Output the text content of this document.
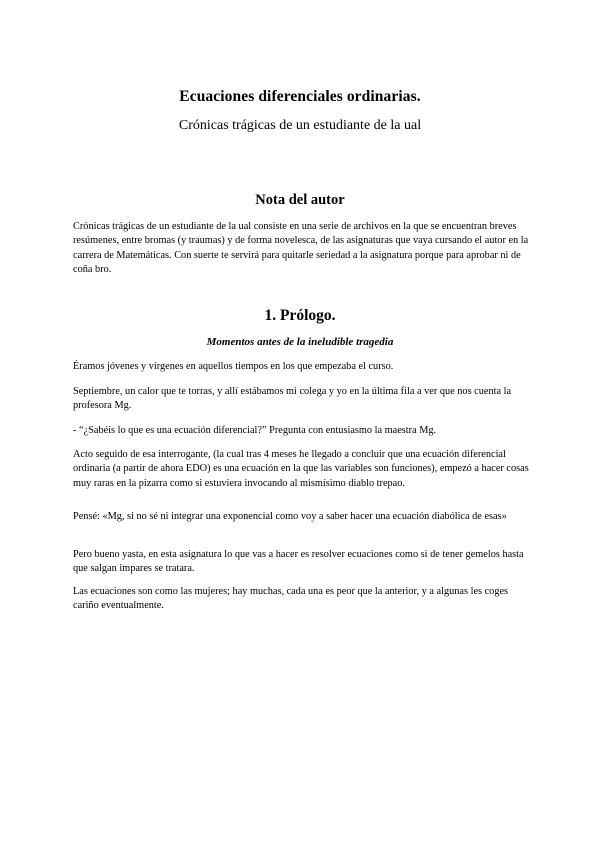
Ecuaciones diferenciales ordinarias.
Crónicas trágicas de un estudiante de la ual
Nota del autor
Crónicas trágicas de un estudiante de la ual consiste en una serie de archivos en la que se encuentran breves resúmenes, entre bromas (y traumas) y de forma novelesca, de las asignaturas que vaya cursando el autor en la carrera de Matemáticas. Con suerte te servirá para quitarle seriedad a la asignatura porque para aprobar ni de coña bro.
1. Prólogo.
Momentos antes de la ineludible tragedia
Éramos jóvenes y vírgenes en aquellos tiempos en los que empezaba el curso.
Septiembre, un calor que te torras, y allí estábamos mi colega y yo en la última fila a ver que nos cuenta la profesora Mg.
- “¿Sabéis lo que es una ecuación diferencial?” Pregunta con entusiasmo la maestra Mg.
Acto seguido de esa interrogante, (la cual tras 4 meses he llegado a concluir que una ecuación diferencial ordinaria (a partir de ahora EDO) es una ecuación en la que las variables son funciones), empezó a hacer cosas muy raras en la pizarra como si estuviera invocando al mismísimo diablo trepao.
Pensé: «Mg, si no sé ni integrar una exponencial como voy a saber hacer una ecuación diabólica de esas»
Pero bueno yasta, en esta asignatura lo que vas a hacer es resolver ecuaciones como si de tener gemelos hasta que salgan impares se tratara.
Las ecuaciones son como las mujeres; hay muchas, cada una es peor que la anterior, y a algunas les coges cariño eventualmente.
